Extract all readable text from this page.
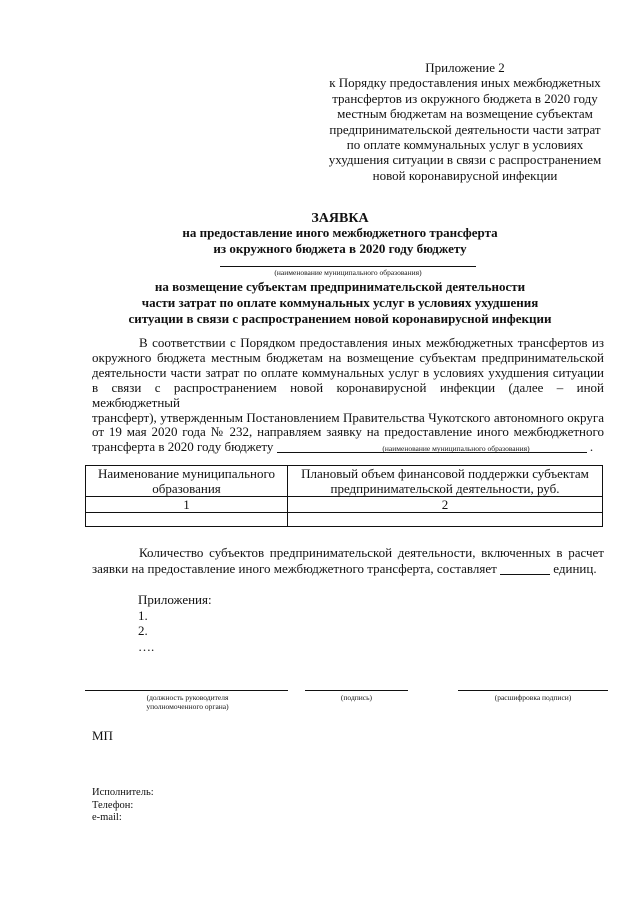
Приложение 2
к Порядку предоставления иных межбюджетных
трансфертов из окружного бюджета в 2020 году
местным бюджетам на возмещение субъектам
предпринимательской деятельности части затрат
по оплате коммунальных услуг в условиях
ухудшения ситуации в связи с распространением
новой коронавирусной инфекции
ЗАЯВКА
на предоставление иного межбюджетного трансферта
из окружного бюджета в 2020 году бюджету
(наименование муниципального образования)
на возмещение субъектам предпринимательской деятельности
части затрат по оплате коммунальных услуг в условиях ухудшения
ситуации в связи с распространением новой коронавирусной инфекции
В соответствии с Порядком предоставления иных межбюджетных трансфертов из
окружного бюджета местным бюджетам на возмещение субъектам предпринимательской
деятельности части затрат по оплате коммунальных услуг в условиях ухудшения ситуации
в связи с распространением новой коронавирусной инфекции (далее – иной межбюджетный
трансферт), утвержденным Постановлением Правительства Чукотского автономного округа
от 19 мая 2020 года № 232, направляем заявку на предоставление иного межбюджетного
трансферта в 2020 году бюджету	.
(наименование муниципального образования)
Наименование муниципального образования	Плановый объем финансовой поддержки субъектам предпринимательской деятельности, руб.
1	2

Количество субъектов предпринимательской деятельности, включенных в расчет
заявки на предоставление иного межбюджетного трансферта, составляет	единиц.
Приложения:
1.
2.
….
(должность руководителя уполномоченного органа)
(подпись)	(расшифровка подписи)
МП
Исполнитель:
Телефон:
e-mail:
